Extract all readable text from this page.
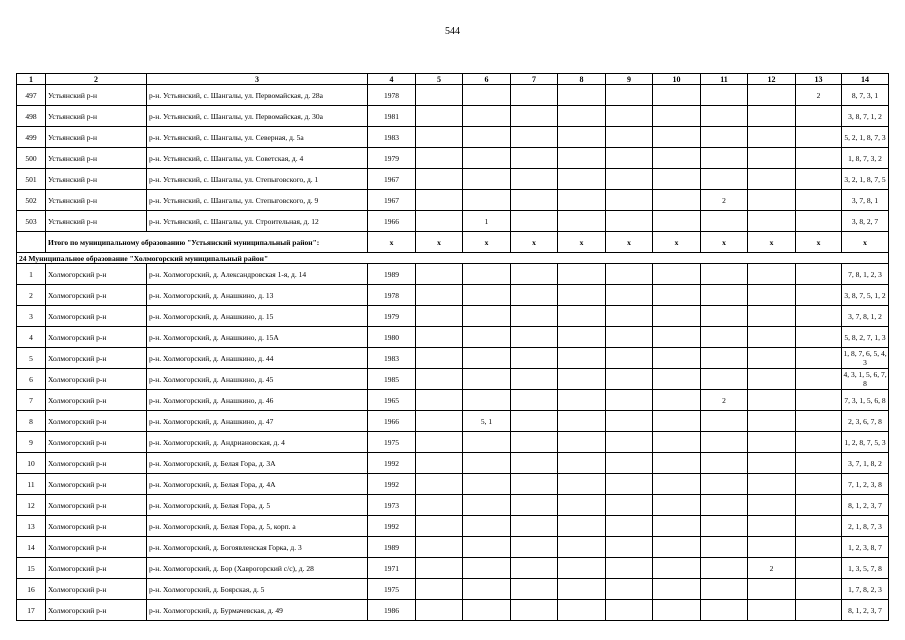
544
1	2	3	4	5	6	7	8	9	10	11	12	13	14
497	Устьянский р-н	р-н. Устьянский, с. Шангалы, ул. Первомайская, д. 28а	1978									2	8, 7, 3, 1
498	Устьянский р-н	р-н. Устьянский, с. Шангалы, ул. Первомайская, д. 30а	1981										3, 8, 7, 1, 2
499	Устьянский р-н	р-н. Устьянский, с. Шангалы, ул. Северная, д. 5а	1983										5, 2, 1, 8, 7, 3
500	Устьянский р-н	р-н. Устьянский, с. Шангалы, ул. Советская, д. 4	1979										1, 8, 7, 3, 2
501	Устьянский р-н	р-н. Устьянский, с. Шангалы, ул. Степыговского, д. 1	1967										3, 2, 1, 8, 7, 5
502	Устьянский р-н	р-н. Устьянский, с. Шангалы, ул. Степыговского, д. 9	1967							2			3, 7, 8, 1
503	Устьянский р-н	р-н. Устьянский, с. Шангалы, ул. Строительная, д. 12	1966		1								3, 8, 2, 7
	Итого по муниципальному образованию "Устьянский муниципальный район":		x	x	x	x	x	x	x	x	x	x	x
24 Муниципальное образование "Холмогорский муниципальный район"													
1	Холмогорский р-н	р-н. Холмогорский, д. Александровская 1-я, д. 14	1989										7, 8, 1, 2, 3
2	Холмогорский р-н	р-н. Холмогорский, д. Анашкино, д. 13	1978										3, 8, 7, 5, 1, 2
3	Холмогорский р-н	р-н. Холмогорский, д. Анашкино, д. 15	1979										3, 7, 8, 1, 2
4	Холмогорский р-н	р-н. Холмогорский, д. Анашкино, д. 15А	1980										5, 8, 2, 7, 1, 3
5	Холмогорский р-н	р-н. Холмогорский, д. Анашкино, д. 44	1983										1, 8, 7, 6, 5, 4, 3
6	Холмогорский р-н	р-н. Холмогорский, д. Анашкино, д. 45	1985										4, 3, 1, 5, 6, 7, 8
7	Холмогорский р-н	р-н. Холмогорский, д. Анашкино, д. 46	1965							2			7, 3, 1, 5, 6, 8
8	Холмогорский р-н	р-н. Холмогорский, д. Анашкино, д. 47	1966		5, 1								2, 3, 6, 7, 8
9	Холмогорский р-н	р-н. Холмогорский, д. Андриановская, д. 4	1975										1, 2, 8, 7, 5, 3
10	Холмогорский р-н	р-н. Холмогорский, д. Белая Гора, д. 3А	1992										3, 7, 1, 8, 2
11	Холмогорский р-н	р-н. Холмогорский, д. Белая Гора, д. 4А	1992										7, 1, 2, 3, 8
12	Холмогорский р-н	р-н. Холмогорский, д. Белая Гора, д. 5	1973										8, 1, 2, 3, 7
13	Холмогорский р-н	р-н. Холмогорский, д. Белая Гора, д. 5, корп. а	1992										2, 1, 8, 7, 3
14	Холмогорский р-н	р-н. Холмогорский, д. Богоявленская Горка, д. 3	1989										1, 2, 3, 8, 7
15	Холмогорский р-н	р-н. Холмогорский, д. Бор (Хаврогорский с/с), д. 28	1971								2		1, 3, 5, 7, 8
16	Холмогорский р-н	р-н. Холмогорский, д. Боярская, д. 5	1975										1, 7, 8, 2, 3
17	Холмогорский р-н	р-н. Холмогорский, д. Бурмачевская, д. 49	1986										8, 1, 2, 3, 7
